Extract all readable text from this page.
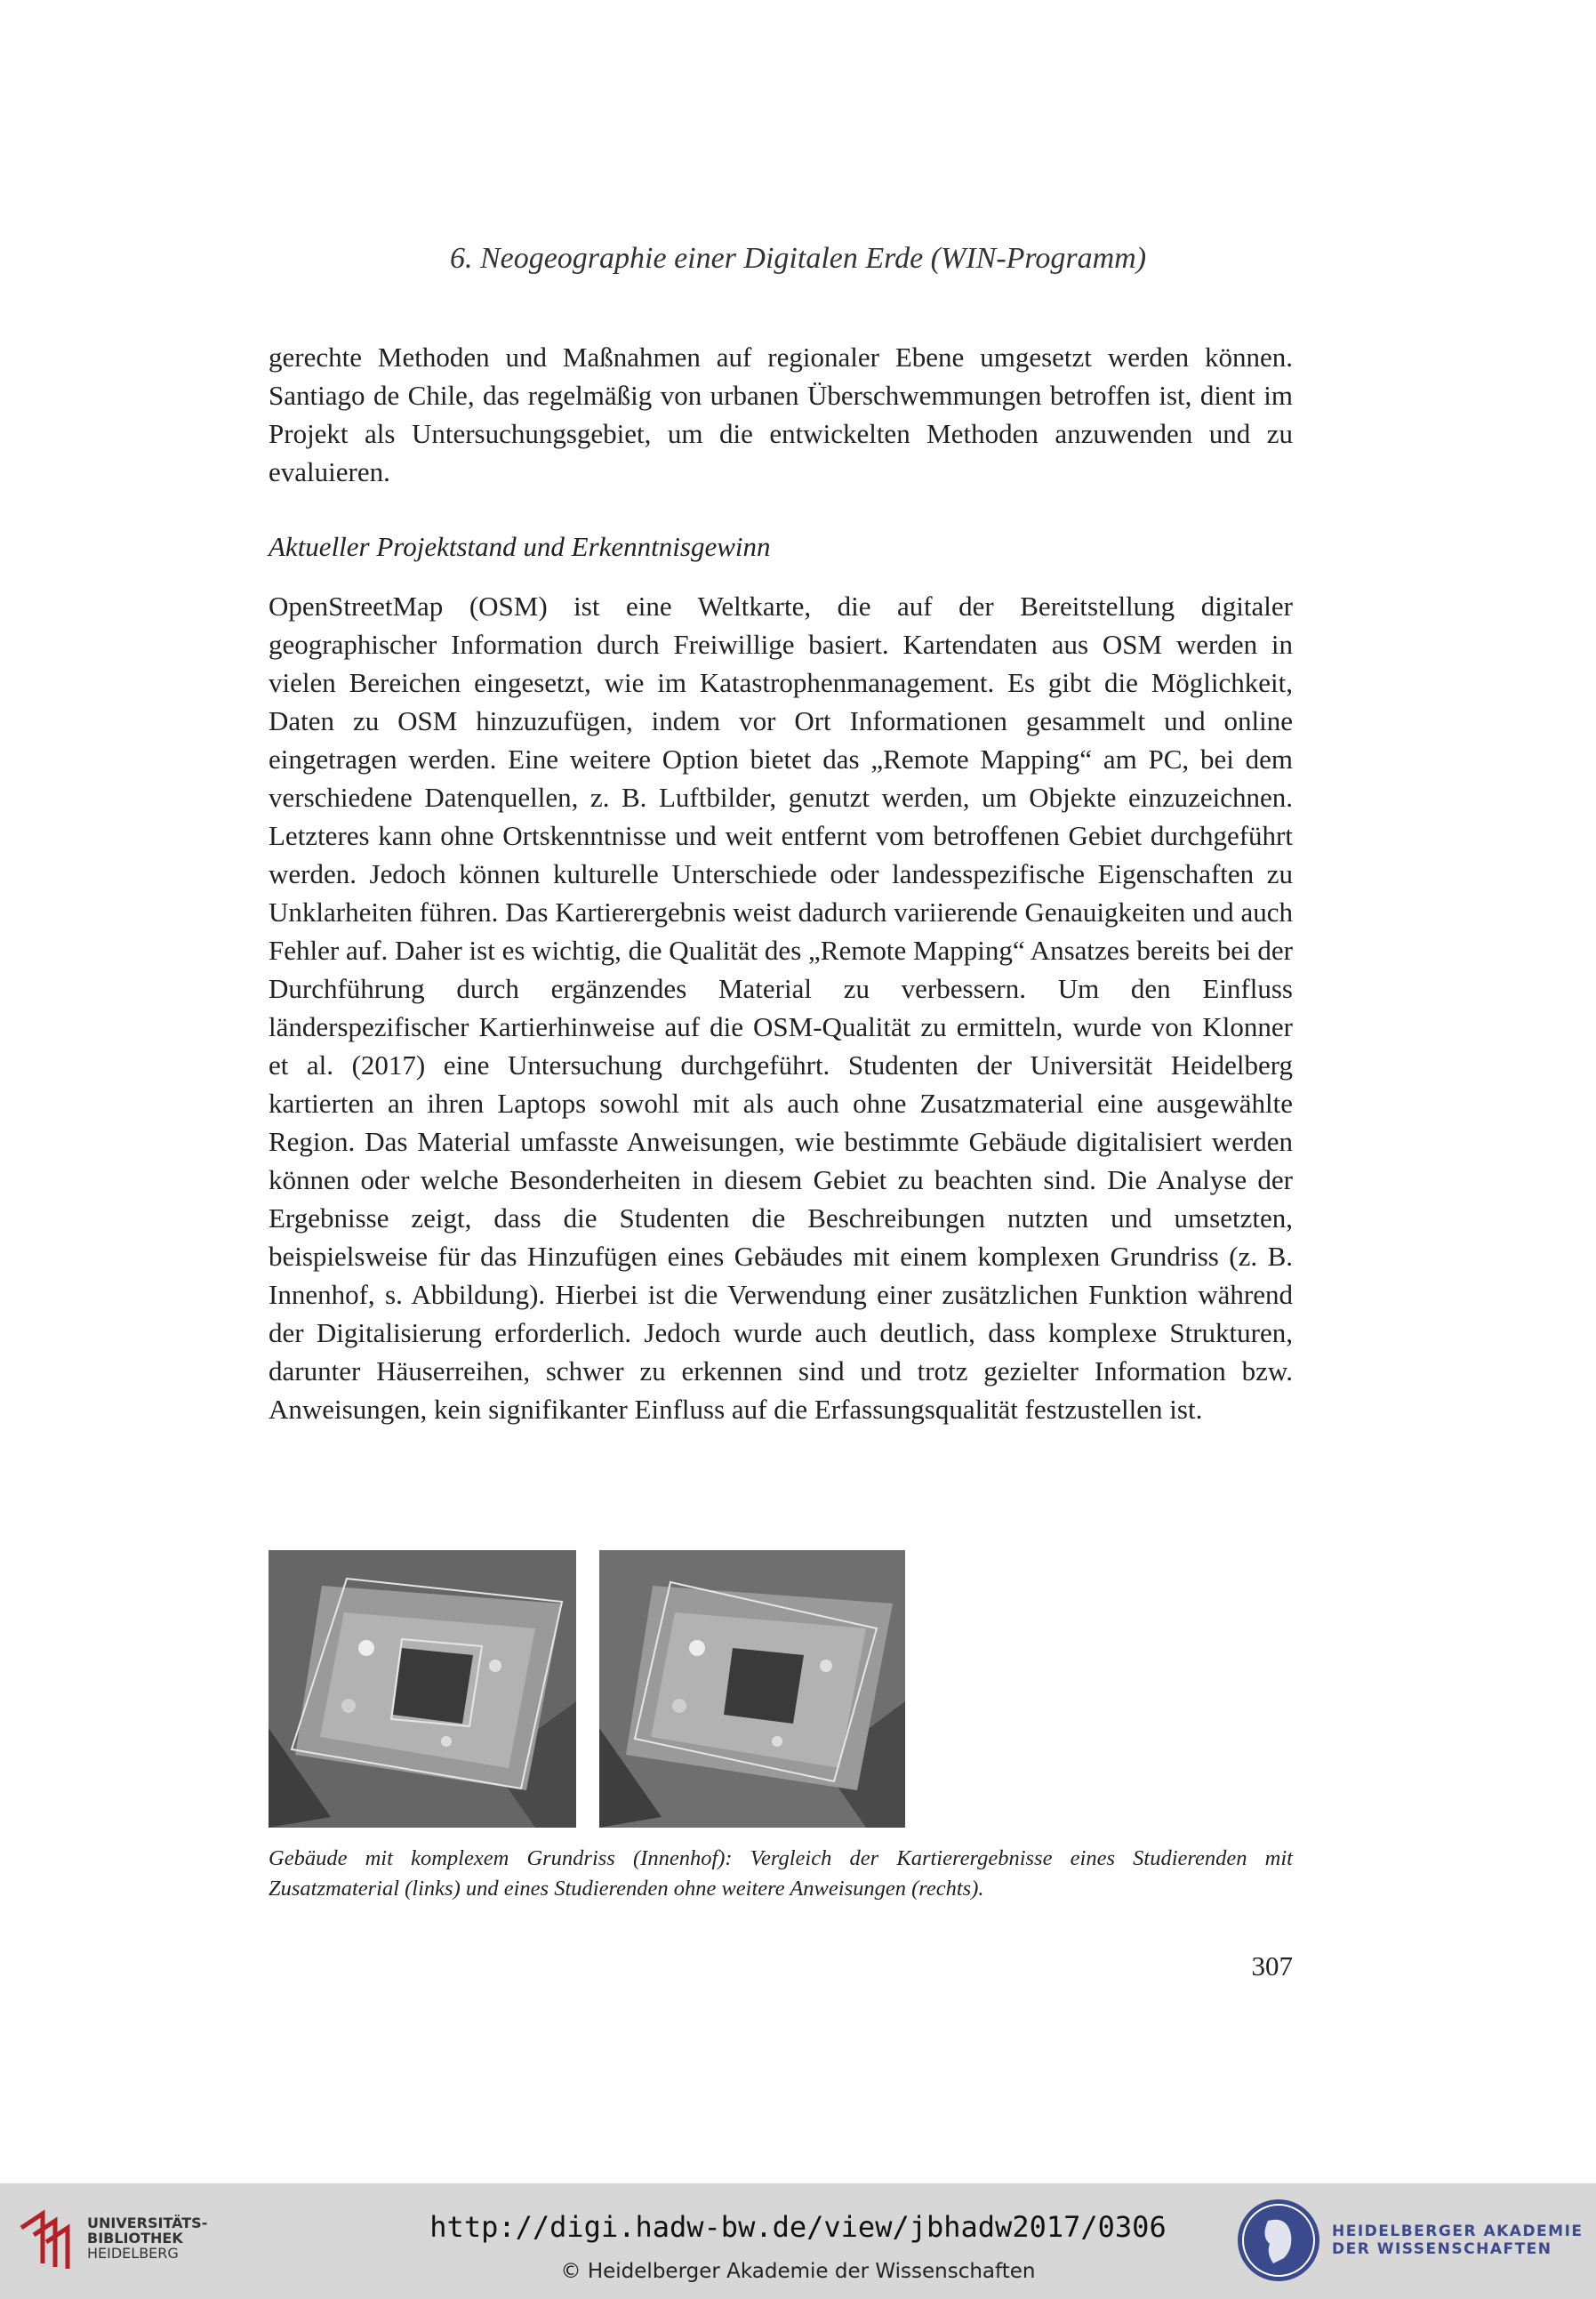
6. Neogeographie einer Digitalen Erde (WIN-Programm)

gerechte Methoden und Maßnahmen auf regionaler Ebene umgesetzt werden können. Santiago de Chile, das regelmäßig von urbanen Überschwemmungen betroffen ist, dient im Projekt als Untersuchungsgebiet, um die entwickelten Methoden anzuwenden und zu evaluieren.

Aktueller Projektstand und Erkenntnisgewinn

OpenStreetMap (OSM) ist eine Weltkarte, die auf der Bereitstellung digitaler geographischer Information durch Freiwillige basiert. Kartendaten aus OSM werden in vielen Bereichen eingesetzt, wie im Katastrophenmanagement. Es gibt die Möglichkeit, Daten zu OSM hinzuzufügen, indem vor Ort Informationen gesammelt und online eingetragen werden. Eine weitere Option bietet das „Remote Mapping“ am PC, bei dem verschiedene Datenquellen, z. B. Luftbilder, genutzt werden, um Objekte einzuzeichnen. Letzteres kann ohne Ortskenntnisse und weit entfernt vom betroffenen Gebiet durchgeführt werden. Jedoch können kulturelle Unterschiede oder landesspezifische Eigenschaften zu Unklarheiten führen. Das Kartierergebnis weist dadurch variierende Genauigkeiten und auch Fehler auf. Daher ist es wichtig, die Qualität des „Remote Mapping“ Ansatzes bereits bei der Durchführung durch ergänzendes Material zu verbessern. Um den Einfluss länderspezifischer Kartierhinweise auf die OSM-Qualität zu ermitteln, wurde von Klonner et al. (2017) eine Untersuchung durchgeführt. Studenten der Universität Heidelberg kartierten an ihren Laptops sowohl mit als auch ohne Zusatzmaterial eine ausgewählte Region. Das Material umfasste Anweisungen, wie bestimmte Gebäude digitalisiert werden können oder welche Besonderheiten in diesem Gebiet zu beachten sind. Die Analyse der Ergebnisse zeigt, dass die Studenten die Beschreibungen nutzten und umsetzten, beispielsweise für das Hinzufügen eines Gebäudes mit einem komplexen Grundriss (z. B. Innenhof, s. Abbildung). Hierbei ist die Verwendung einer zusätzlichen Funktion während der Digitalisierung erforderlich. Jedoch wurde auch deutlich, dass komplexe Strukturen, darunter Häuserreihen, schwer zu erkennen sind und trotz gezielter Information bzw. Anweisungen, kein signifikanter Einfluss auf die Erfassungsqualität festzustellen ist.

Gebäude mit komplexem Grundriss (Innenhof): Vergleich der Kartierergebnisse eines Studierenden mit Zusatzmaterial (links) und eines Studierenden ohne weitere Anweisungen (rechts).
307
UNIVERSITÄTS-
BIBLIOTHEK
HEIDELBERG
http://digi.hadw-bw.de/view/jbhadw2017/0306
© Heidelberger Akademie der Wissenschaften
HEIDELBERGER AKADEMIE
DER WISSENSCHAFTEN
